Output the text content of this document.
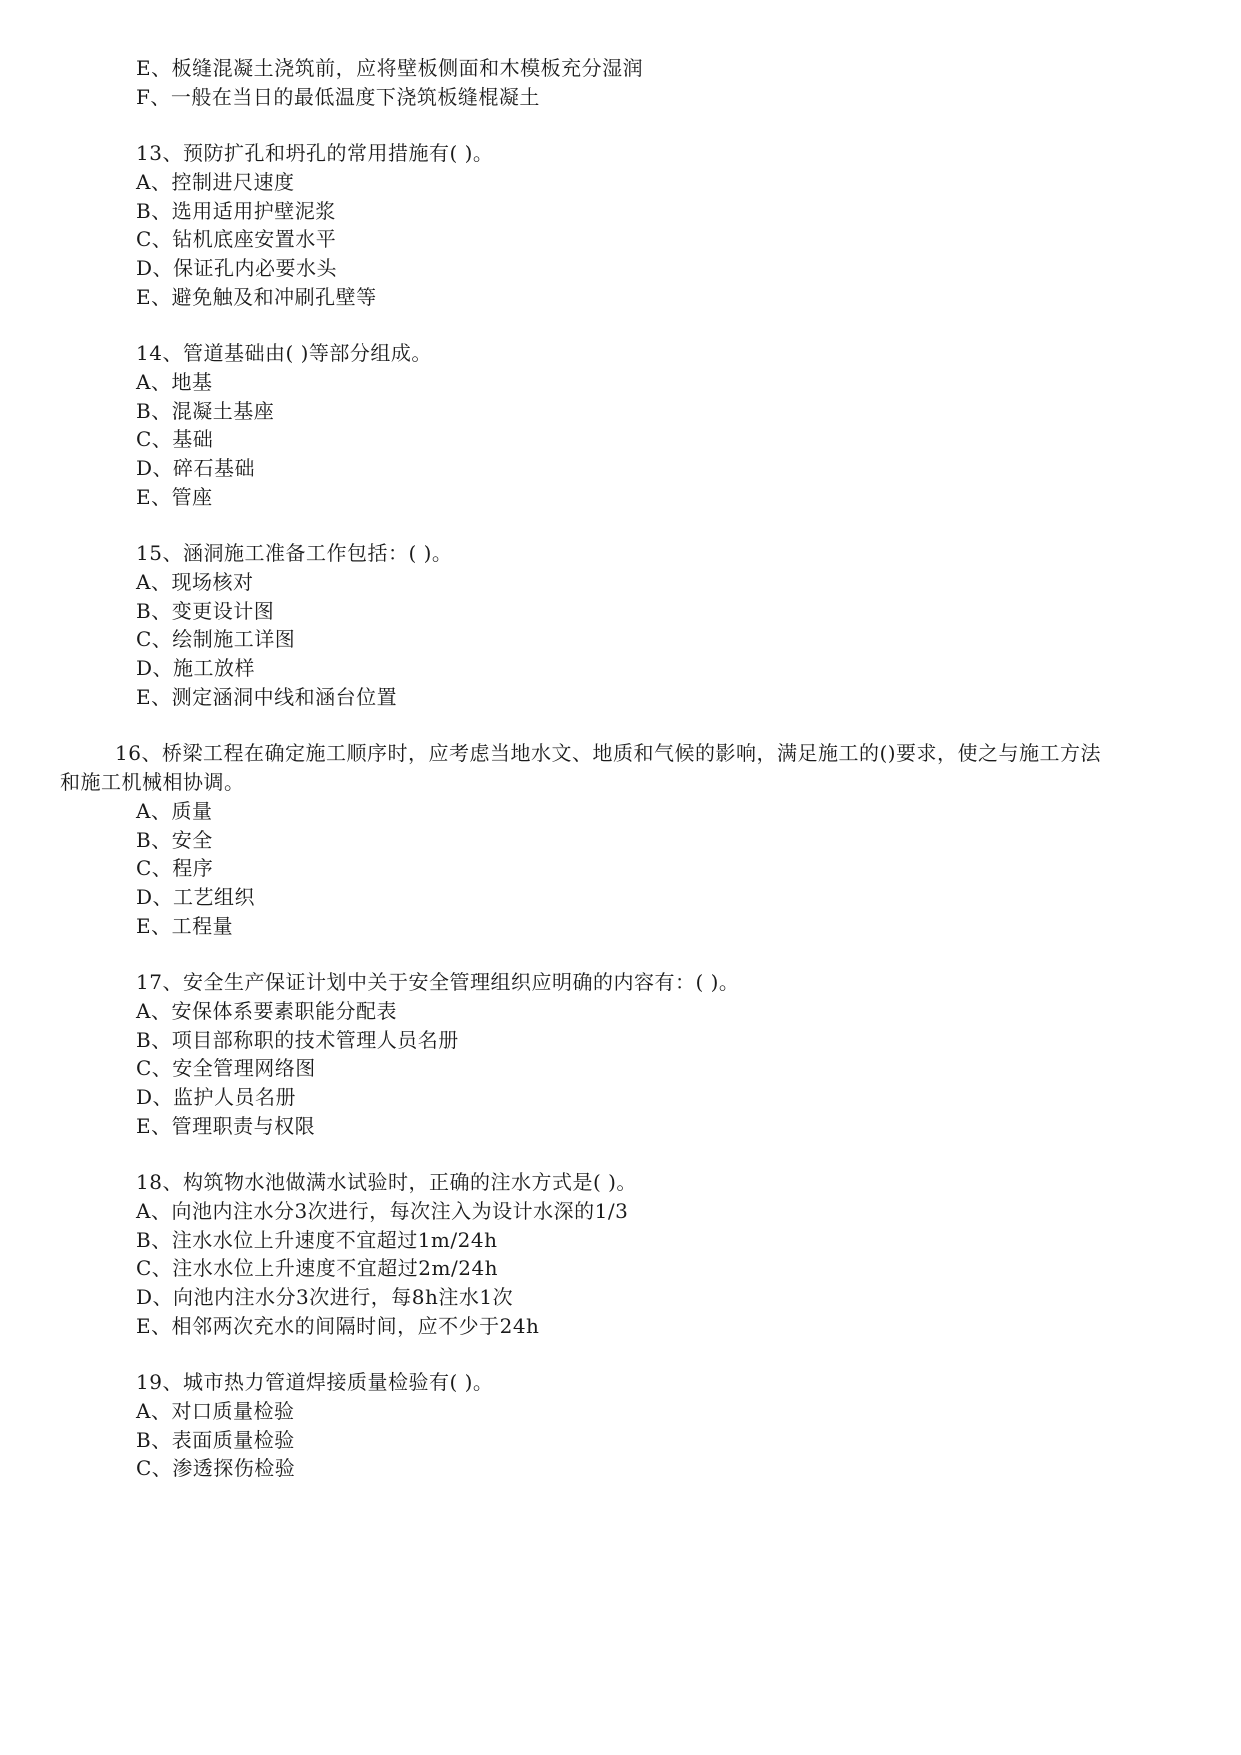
E、板缝混凝土浇筑前，应将壁板侧面和木模板充分湿润
F、一般在当日的最低温度下浇筑板缝棍凝土
13、预防扩孔和坍孔的常用措施有( )。
A、控制进尺速度
B、选用适用护壁泥浆
C、钻机底座安置水平
D、保证孔内必要水头
E、避免触及和冲刷孔壁等
14、管道基础由( )等部分组成。
A、地基
B、混凝土基座
C、基础
D、碎石基础
E、管座
15、涵洞施工准备工作包括：( )。
A、现场核对
B、变更设计图
C、绘制施工详图
D、施工放样
E、测定涵洞中线和涵台位置
16、桥梁工程在确定施工顺序时，应考虑当地水文、地质和气候的影响，满足施工的()要求，使之与施工方法
和施工机械相协调。
A、质量
B、安全
C、程序
D、工艺组织
E、工程量
17、安全生产保证计划中关于安全管理组织应明确的内容有：( )。
A、安保体系要素职能分配表
B、项目部称职的技术管理人员名册
C、安全管理网络图
D、监护人员名册
E、管理职责与权限
18、构筑物水池做满水试验时，正确的注水方式是( )。
A、向池内注水分3次进行，每次注入为设计水深的1/3
B、注水水位上升速度不宜超过1m/24h
C、注水水位上升速度不宜超过2m/24h
D、向池内注水分3次进行，每8h注水1次
E、相邻两次充水的间隔时间，应不少于24h
19、城市热力管道焊接质量检验有( )。
A、对口质量检验
B、表面质量检验
C、渗透探伤检验
